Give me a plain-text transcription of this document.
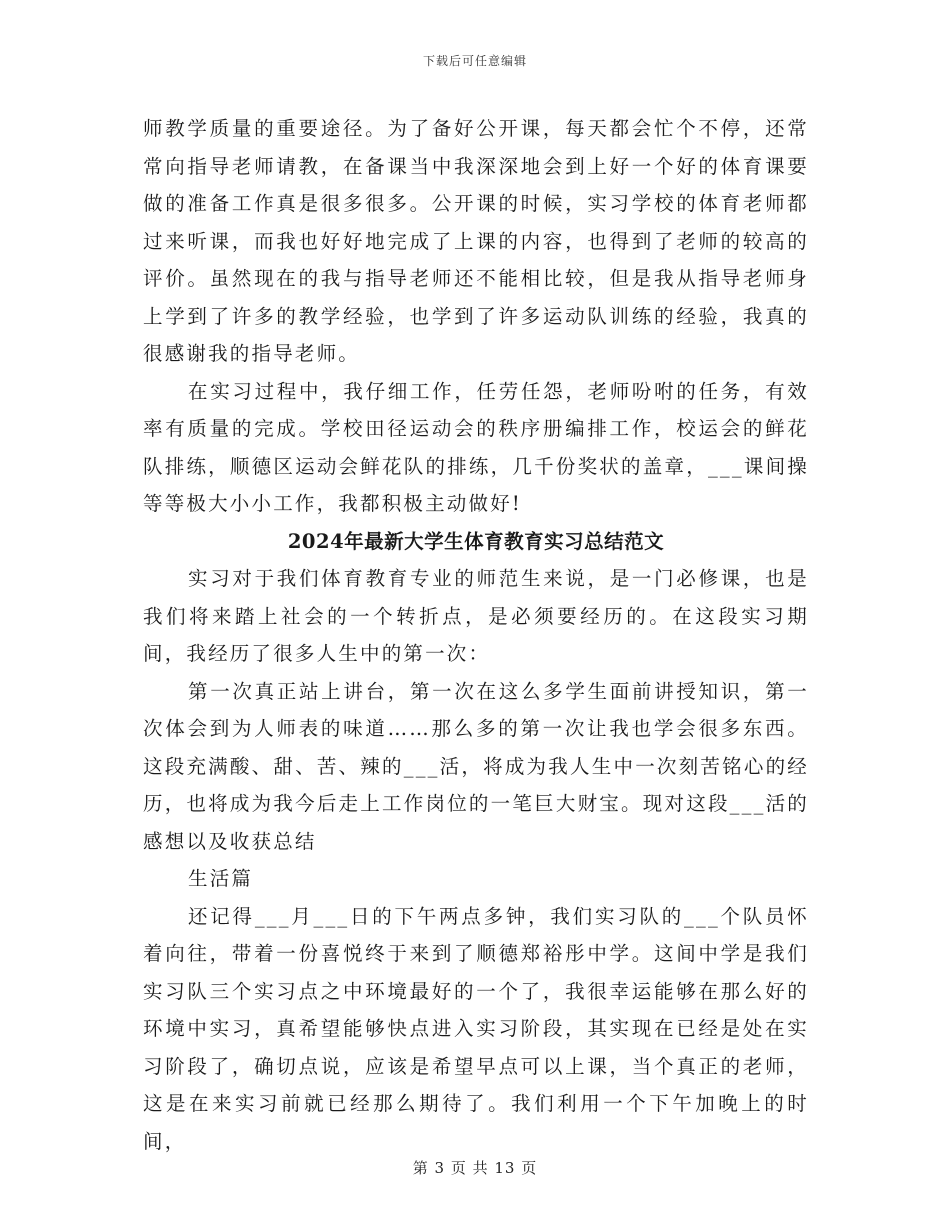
下载后可任意编辑

师教学质量的重要途径。为了备好公开课，每天都会忙个不停，还常常向指导老师请教，在备课当中我深深地会到上好一个好的体育课要做的准备工作真是很多很多。公开课的时候，实习学校的体育老师都过来听课，而我也好好地完成了上课的内容，也得到了老师的较高的评价。虽然现在的我与指导老师还不能相比较，但是我从指导老师身上学到了许多的教学经验，也学到了许多运动队训练的经验，我真的很感谢我的指导老师。

在实习过程中，我仔细工作，任劳任怨，老师吩咐的任务，有效率有质量的完成。学校田径运动会的秩序册编排工作，校运会的鲜花队排练，顺德区运动会鲜花队的排练，几千份奖状的盖章，___课间操等等极大小小工作，我都积极主动做好!

2024年最新大学生体育教育实习总结范文

实习对于我们体育教育专业的师范生来说，是一门必修课，也是我们将来踏上社会的一个转折点，是必须要经历的。在这段实习期间，我经历了很多人生中的第一次：

第一次真正站上讲台，第一次在这么多学生面前讲授知识，第一次体会到为人师表的味道……那么多的第一次让我也学会很多东西。这段充满酸、甜、苦、辣的___活，将成为我人生中一次刻苦铭心的经历，也将成为我今后走上工作岗位的一笔巨大财宝。现对这段___活的感想以及收获总结

生活篇

还记得___月___日的下午两点多钟，我们实习队的___个队员怀着向往，带着一份喜悦终于来到了顺德郑裕彤中学。这间中学是我们实习队三个实习点之中环境最好的一个了，我很幸运能够在那么好的环境中实习，真希望能够快点进入实习阶段，其实现在已经是处在实习阶段了，确切点说，应该是希望早点可以上课，当个真正的老师，这是在来实习前就已经那么期待了。我们利用一个下午加晚上的时间，

第 3 页 共 13 页
